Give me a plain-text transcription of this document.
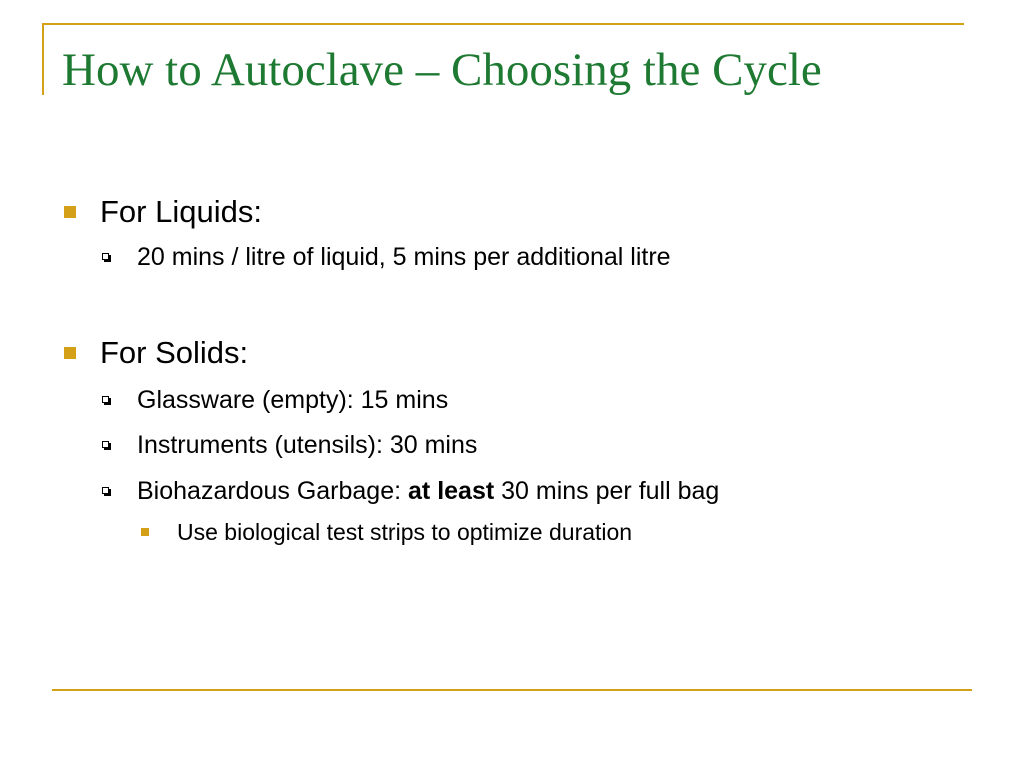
How to Autoclave – Choosing the Cycle
For Liquids:
20 mins / litre of liquid, 5 mins per additional litre
For Solids:
Glassware (empty): 15 mins
Instruments (utensils): 30 mins
Biohazardous Garbage: at least 30 mins per full bag
Use biological test strips to optimize duration
